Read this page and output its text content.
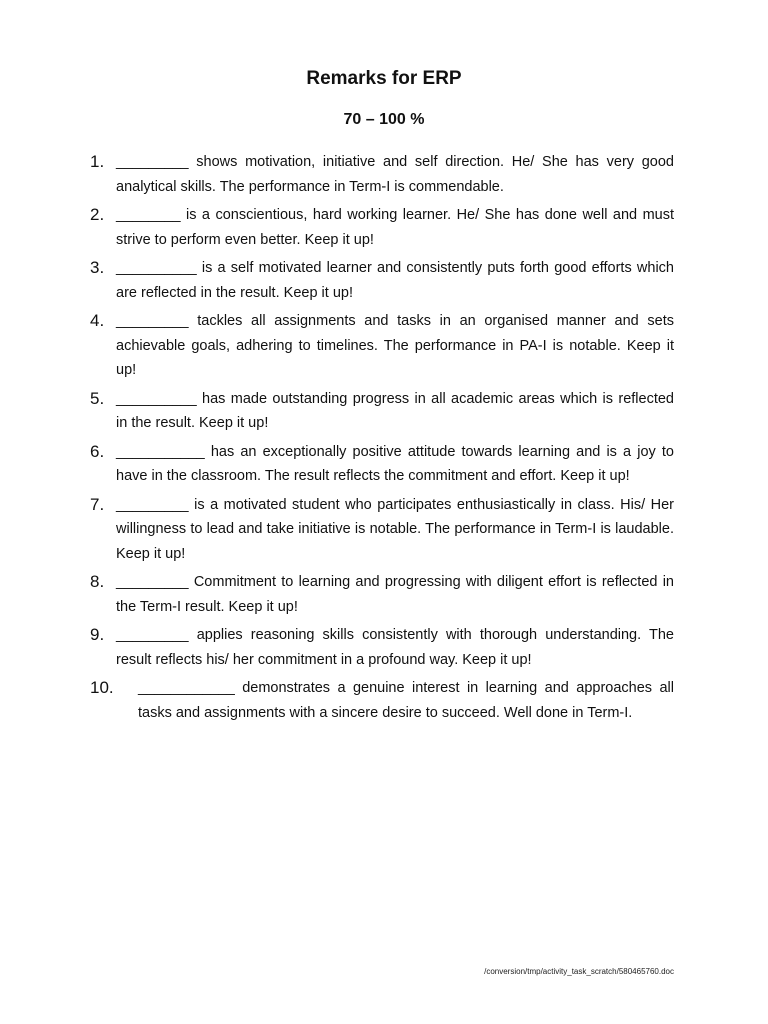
Remarks for ERP
70 – 100 %
1. _________ shows motivation, initiative and self direction. He/ She has very good analytical skills. The performance in Term-I is commendable.
2. ________ is a conscientious, hard working learner. He/ She has done well and must strive to perform even better. Keep it up!
3. __________ is a self motivated learner and consistently puts forth good efforts which are reflected in the result. Keep it up!
4. _________ tackles all assignments and tasks in an organised manner and sets achievable goals, adhering to timelines. The performance in PA-I is notable. Keep it up!
5. __________ has made outstanding progress in all academic areas which is reflected in the result. Keep it up!
6. ___________ has an exceptionally positive attitude towards learning and is a joy to have in the classroom. The result reflects the commitment and effort. Keep it up!
7. _________ is a motivated student who participates enthusiastically in class. His/ Her willingness to lead and take initiative is notable. The performance in Term-I is laudable. Keep it up!
8. _________ Commitment to learning and progressing with diligent effort is reflected in the Term-I result. Keep it up!
9. _________ applies reasoning skills consistently with thorough understanding. The result reflects his/ her commitment in a profound way. Keep it up!
10.	____________ demonstrates a genuine interest in learning and approaches all tasks and assignments with a sincere desire to succeed. Well done in Term-I.
/conversion/tmp/activity_task_scratch/580465760.doc
